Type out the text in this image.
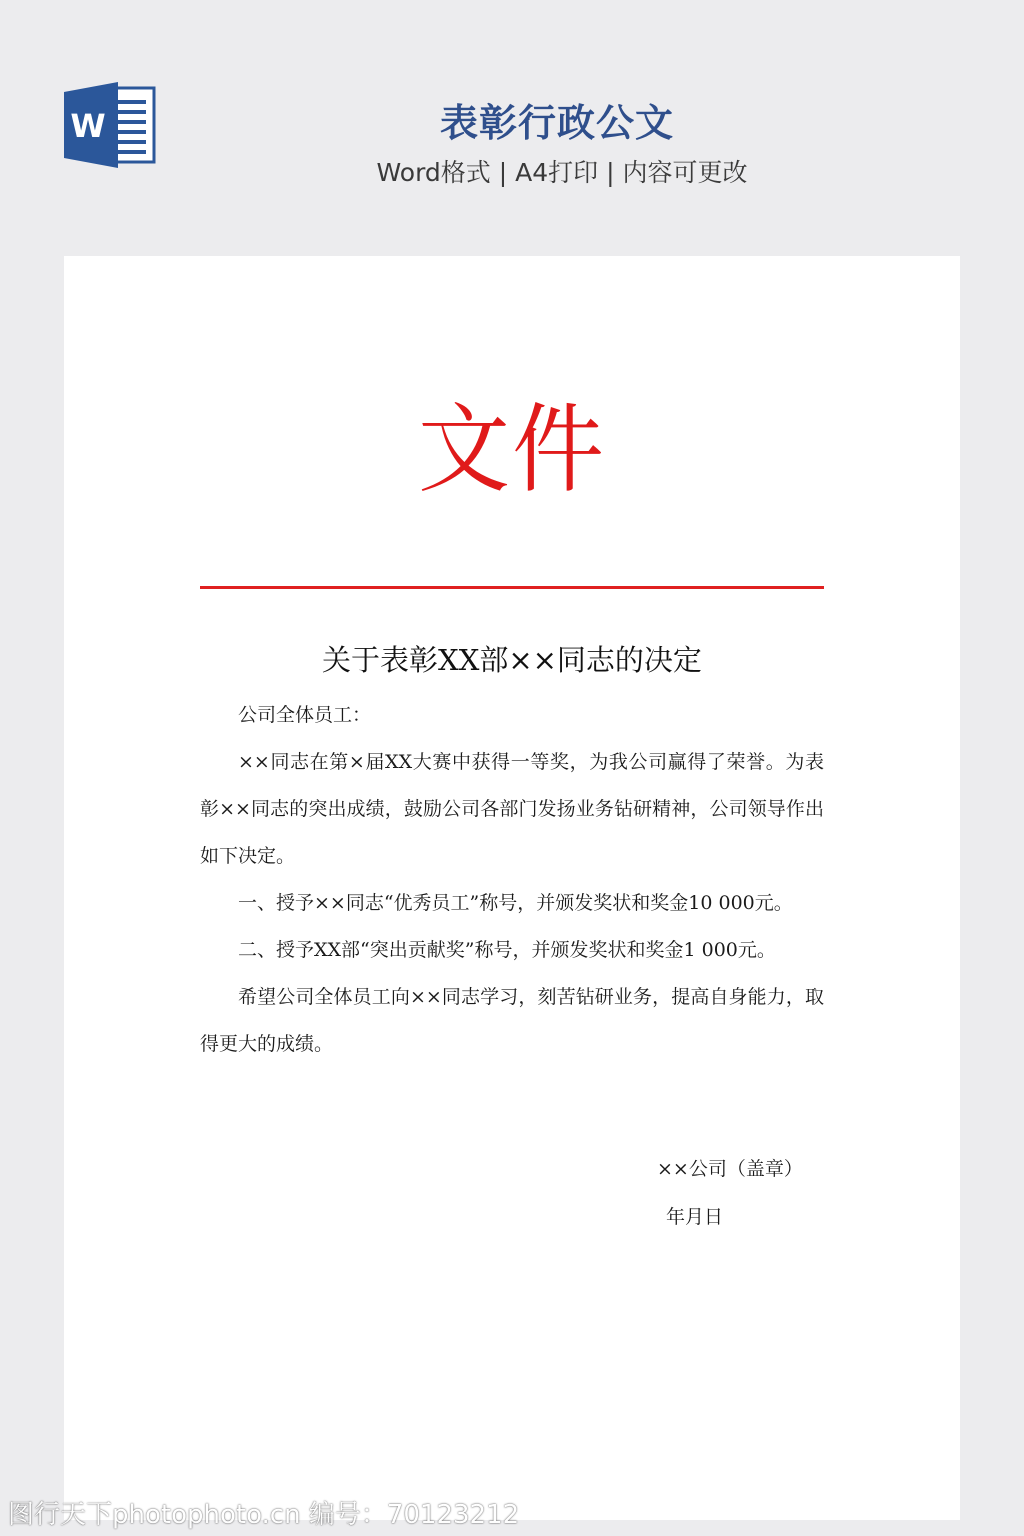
W	表彰行政公文
Word格式 | A4打印 | 内容可更改
文件
关于表彰XX部××同志的决定

公司全体员工：

××同志在第×届XX大赛中获得一等奖，为我公司赢得了荣誉。为表彰××同志的突出成绩，鼓励公司各部门发扬业务钻研精神，公司领导作出如下决定。

一、授予××同志“优秀员工”称号，并颁发奖状和奖金10 000元。

二、授予XX部“突出贡献奖”称号，并颁发奖状和奖金1 000元。

希望公司全体员工向××同志学习，刻苦钻研业务，提高自身能力，取得更大的成绩。

××公司（盖章）
年月日
图行天下photophoto.cn 编号：70123212
